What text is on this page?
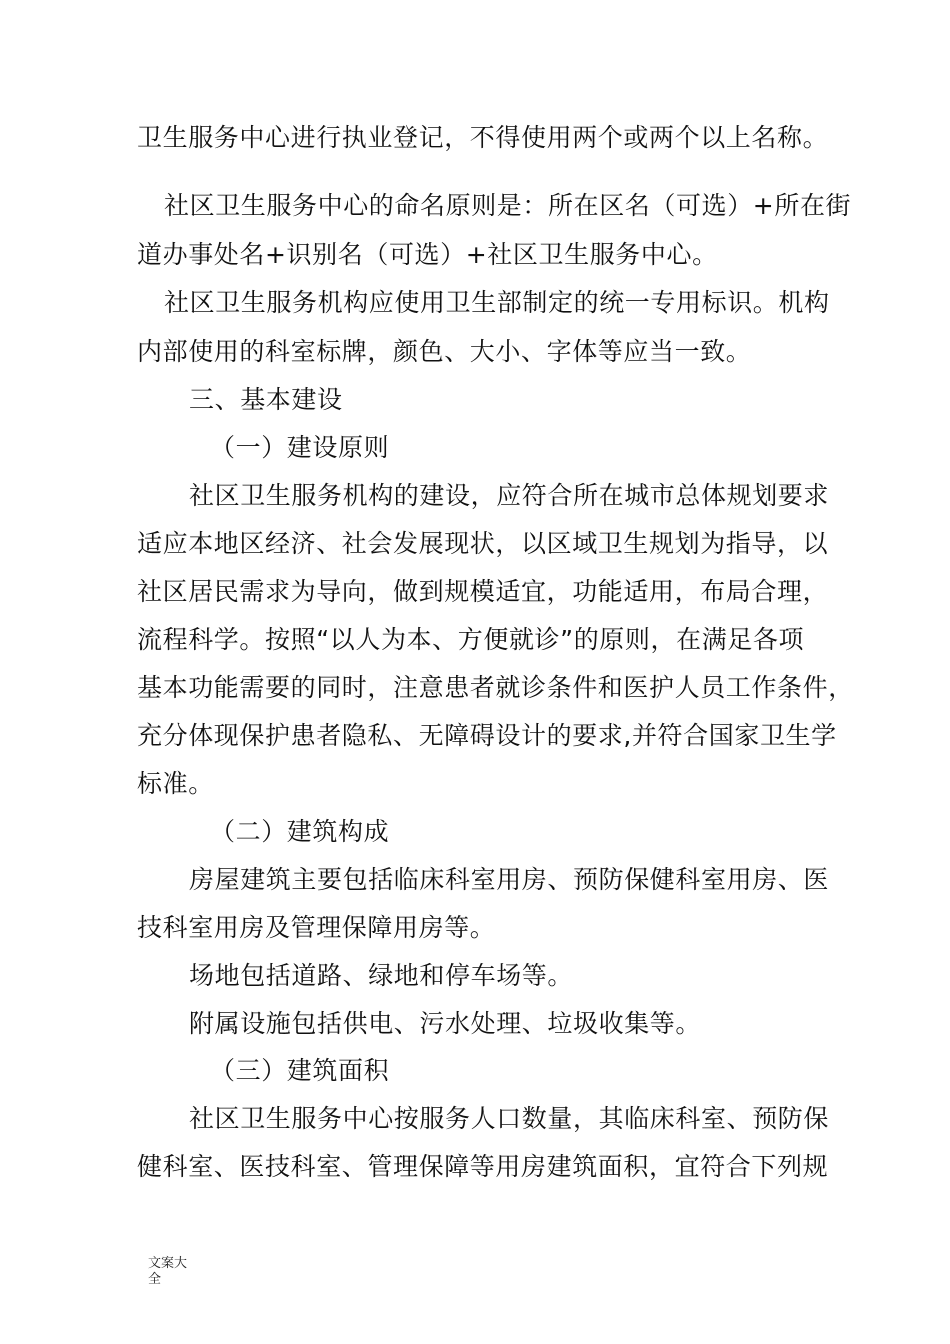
卫生服务中心进行执业登记，不得使用两个或两个以上名称。

社区卫生服务中心的命名原则是：所在区名（可选）+所在街

道办事处名+识别名（可选）+社区卫生服务中心。

社区卫生服务机构应使用卫生部制定的统一专用标识。机构

内部使用的科室标牌，颜色、大小、字体等应当一致。

三、基本建设

（一）建设原则

社区卫生服务机构的建设，应符合所在城市总体规划要求

适应本地区经济、社会发展现状，以区域卫生规划为指导，以

社区居民需求为导向，做到规模适宜，功能适用，布局合理，

流程科学。按照“以人为本、方便就诊”的原则，在满足各项

基本功能需要的同时，注意患者就诊条件和医护人员工作条件，

充分体现保护患者隐私、无障碍设计的要求,并符合国家卫生学

标准。

（二）建筑构成

房屋建筑主要包括临床科室用房、预防保健科室用房、医

技科室用房及管理保障用房等。

场地包括道路、绿地和停车场等。

附属设施包括供电、污水处理、垃圾收集等。

（三）建筑面积

社区卫生服务中心按服务人口数量，其临床科室、预防保

健科室、医技科室、管理保障等用房建筑面积，宜符合下列规

文案大全
